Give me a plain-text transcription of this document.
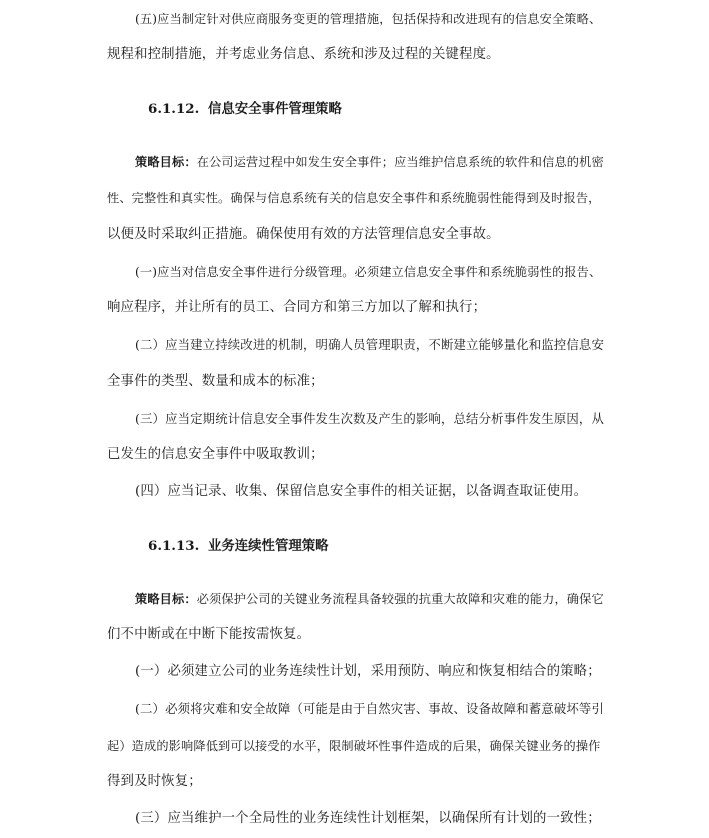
(五)应当制定针对供应商服务变更的管理措施，包括保持和改进现有的信息安全策略、
规程和控制措施，并考虑业务信息、系统和涉及过程的关键程度。
6.1.12. 信息安全事件管理策略
策略目标：在公司运营过程中如发生安全事件；应当维护信息系统的软件和信息的机密
性、完整性和真实性。确保与信息系统有关的信息安全事件和系统脆弱性能得到及时报告，
以便及时采取纠正措施。确保使用有效的方法管理信息安全事故。
(一)应当对信息安全事件进行分级管理。必须建立信息安全事件和系统脆弱性的报告、
响应程序，并让所有的员工、合同方和第三方加以了解和执行；
(二）应当建立持续改进的机制，明确人员管理职责，不断建立能够量化和监控信息安
全事件的类型、数量和成本的标准；
(三）应当定期统计信息安全事件发生次数及产生的影响，总结分析事件发生原因，从
已发生的信息安全事件中吸取教训；
(四）应当记录、收集、保留信息安全事件的相关证据，以备调查取证使用。
6.1.13. 业务连续性管理策略
策略目标：必须保护公司的关键业务流程具备较强的抗重大故障和灾难的能力，确保它
们不中断或在中断下能按需恢复。
(一）必须建立公司的业务连续性计划，采用预防、响应和恢复相结合的策略；
(二）必须将灾难和安全故障（可能是由于自然灾害、事故、设备故障和蓄意破坏等引
起）造成的影响降低到可以接受的水平，限制破坏性事件造成的后果，确保关键业务的操作
得到及时恢复；
(三）应当维护一个全局性的业务连续性计划框架，以确保所有计划的一致性；
